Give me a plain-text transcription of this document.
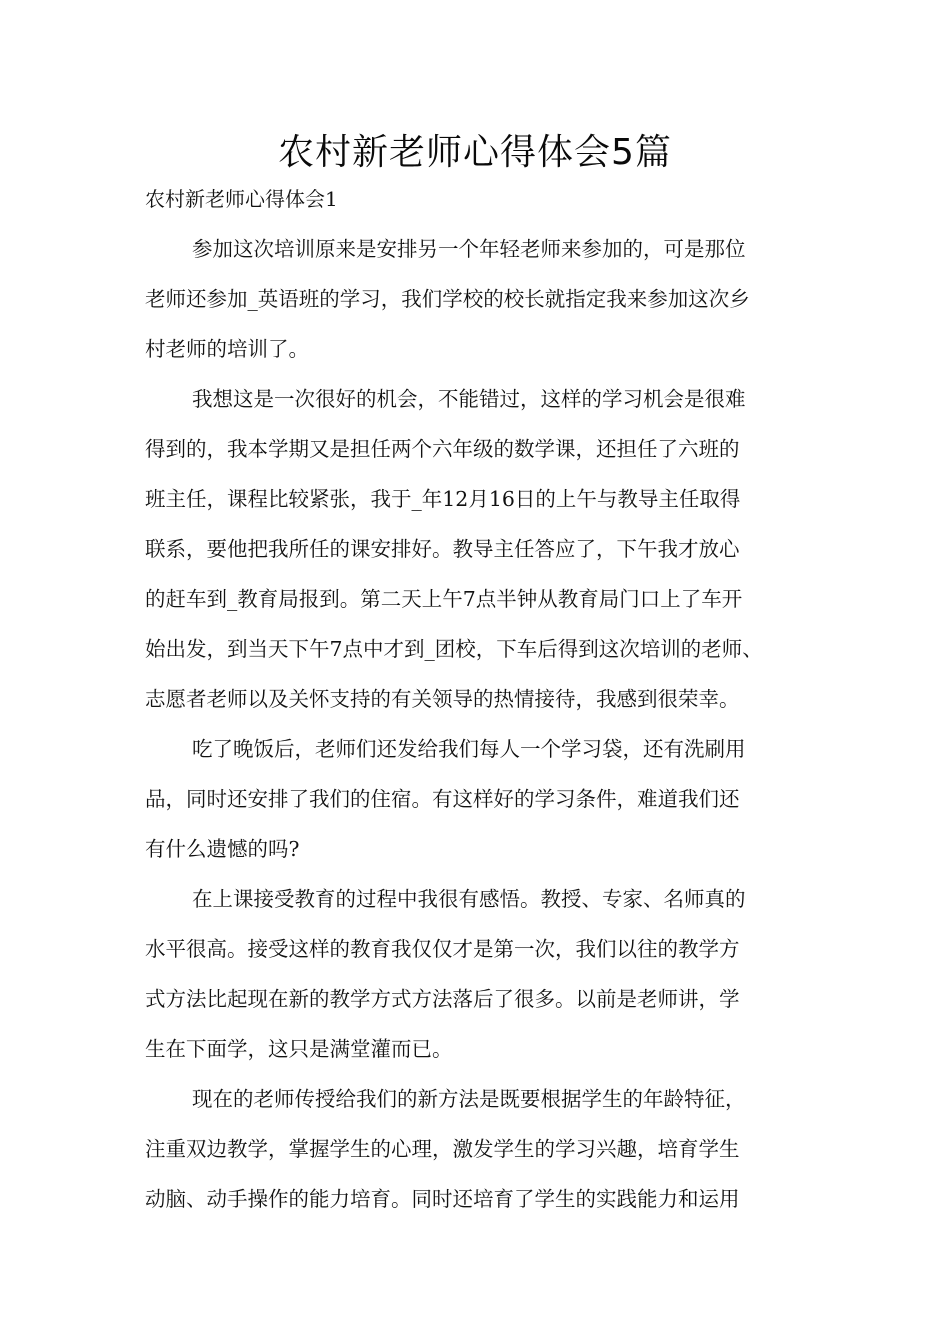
农村新老师心得体会5篇
农村新老师心得体会1
参加这次培训原来是安排另一个年轻老师来参加的，可是那位
老师还参加_英语班的学习，我们学校的校长就指定我来参加这次乡
村老师的培训了。
我想这是一次很好的机会，不能错过，这样的学习机会是很难
得到的，我本学期又是担任两个六年级的数学课，还担任了六班的
班主任，课程比较紧张，我于_年12月16日的上午与教导主任取得
联系，要他把我所任的课安排好。教导主任答应了，下午我才放心
的赶车到_教育局报到。第二天上午7点半钟从教育局门口上了车开
始出发，到当天下午7点中才到_团校，下车后得到这次培训的老师、
志愿者老师以及关怀支持的有关领导的热情接待，我感到很荣幸。
吃了晚饭后，老师们还发给我们每人一个学习袋，还有洗刷用
品，同时还安排了我们的住宿。有这样好的学习条件，难道我们还
有什么遗憾的吗?
在上课接受教育的过程中我很有感悟。教授、专家、名师真的
水平很高。接受这样的教育我仅仅才是第一次，我们以往的教学方
式方法比起现在新的教学方式方法落后了很多。以前是老师讲，学
生在下面学，这只是满堂灌而已。
现在的老师传授给我们的新方法是既要根据学生的年龄特征，
注重双边教学，掌握学生的心理，激发学生的学习兴趣，培育学生
动脑、动手操作的能力培育。同时还培育了学生的实践能力和运用
